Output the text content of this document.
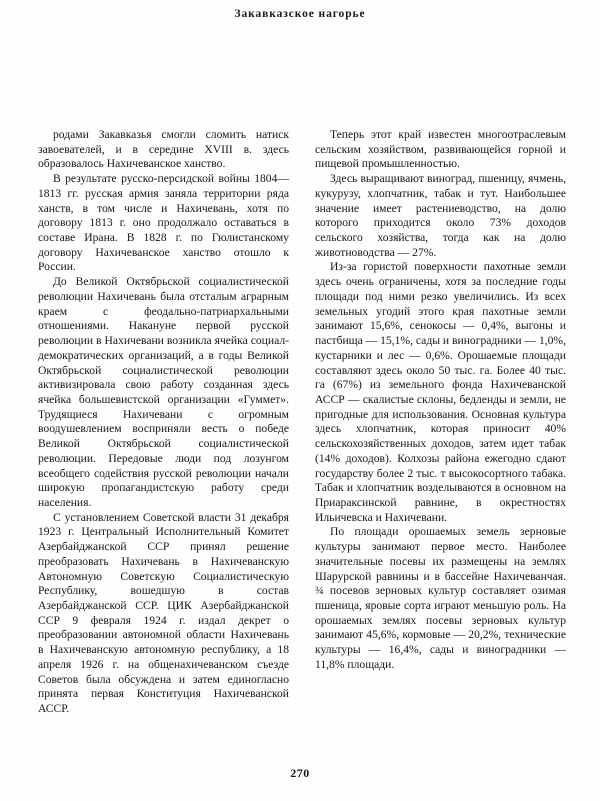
Закавказское нагорье

родами Закавказья смогли сломить натиск завоевателей, и в середине XVIII в. здесь образовалось Нахичеванское ханство.

В результате русско-персидской войны 1804—1813 гг. русская армия заняла территории ряда ханств, в том числе и Нахичевань, хотя по договору 1813 г. оно продолжало оставаться в составе Ирана. В 1828 г. по Гюлистанскому договору Нахичеванское ханство отошло к России.

До Великой Октябрьской социалистической революции Нахичевань была отсталым аграрным краем с феодально-патриархальными отношениями. Накануне первой русской революции в Нахичевани возникла ячейка социал-демократических организаций, а в годы Великой Октябрьской социалистической революции активизировала свою работу созданная здесь ячейка большевистской организации «Гуммет». Трудящиеся Нахичевани с огромным воодушевлением восприняли весть о победе Великой Октябрьской социалистической революции. Передовые люди под лозунгом всеобщего содействия русской революции начали широкую пропагандистскую работу среди населения.

С установлением Советской власти 31 декабря 1923 г. Центральный Исполнительный Комитет Азербайджанской ССР принял решение преобразовать Нахичевань в Нахичеванскую Автономную Советскую Социалистическую Республику, вошедшую в состав Азербайджанской ССР. ЦИК Азербайджанской ССР 9 февраля 1924 г. издал декрет о преобразовании автономной области Нахичевань в Нахичеванскую автономную республику, а 18 апреля 1926 г. на общенахичеванском съезде Советов была обсуждена и затем единогласно принята первая Конституция Нахичеванской АССР.

Теперь этот край известен многоотраслевым сельским хозяйством, развивающейся горной и пищевой промышленностью.

Здесь выращивают виноград, пшеницу, ячмень, кукурузу, хлопчатник, табак и тут. Наибольшее значение имеет растениеводство, на долю которого приходится около 73% доходов сельского хозяйства, тогда как на долю животноводства — 27%.

Из-за гористой поверхности пахотные земли здесь очень ограничены, хотя за последние годы площади под ними резко увеличились. Из всех земельных угодий этого края пахотные земли занимают 15,6%, сенокосы — 0,4%, выгоны и пастбища — 15,1%, сады и виноградники — 1,0%, кустарники и лес — 0,6%. Орошаемые площади составляют здесь около 50 тыс. га. Более 40 тыс. га (67%) из земельного фонда Нахичеванской АССР — скалистые склоны, бедленды и земли, не пригодные для использования. Основная культура здесь хлопчатник, которая приносит 40% сельскохозяйственных доходов, затем идет табак (14% доходов). Колхозы района ежегодно сдают государству более 2 тыс. т высокосортного табака. Табак и хлопчатник возделываются в основном на Приараксинской равнине, в окрестностях Ильичевска и Нахичевани.

По площади орошаемых земель зерновые культуры занимают первое место. Наиболее значительные посевы их размещены на землях Шарурской равнины и в бассейне Нахичеванчая. ¾ посевов зерновых культур составляет озимая пшеница, яровые сорта играют меньшую роль. На орошаемых землях посевы зерновых культур занимают 45,6%, кормовые — 20,2%, технические культуры — 16,4%, сады и виноградники — 11,8% площади.

270
